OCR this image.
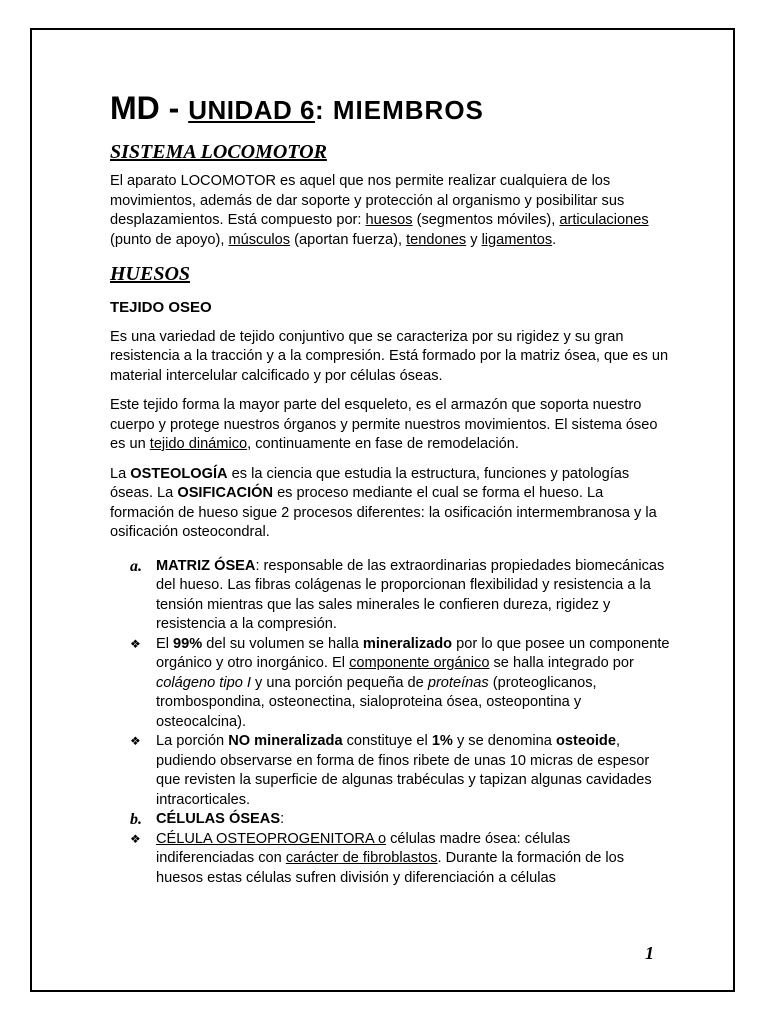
MD - UNIDAD 6: MIEMBROS
SISTEMA LOCOMOTOR

El aparato LOCOMOTOR es aquel que nos permite realizar cualquiera de los movimientos, además de dar soporte y protección al organismo y posibilitar sus desplazamientos. Está compuesto por: huesos (segmentos móviles), articulaciones (punto de apoyo), músculos (aportan fuerza), tendones y ligamentos.

HUESOS
TEJIDO OSEO

Es una variedad de tejido conjuntivo que se caracteriza por su rigidez y su gran resistencia a la tracción y a la compresión. Está formado por la matriz ósea, que es un material intercelular calcificado y por células óseas.

Este tejido forma la mayor parte del esqueleto, es el armazón que soporta nuestro cuerpo y protege nuestros órganos y permite nuestros movimientos. El sistema óseo es un tejido dinámico, continuamente en fase de remodelación.

La OSTEOLOGÍA es la ciencia que estudia la estructura, funciones y patologías óseas. La OSIFICACIÓN es proceso mediante el cual se forma el hueso. La formación de hueso sigue 2 procesos diferentes: la osificación intermembranosa y la osificación osteocondral.

a. MATRIZ ÓSEA: responsable de las extraordinarias propiedades biomecánicas del hueso. Las fibras colágenas le proporcionan flexibilidad y resistencia a la tensión mientras que las sales minerales le confieren dureza, rigidez y resistencia a la compresión.
❖	El 99% del su volumen se halla mineralizado por lo que posee un componente orgánico y otro inorgánico. El componente orgánico se halla integrado por colágeno tipo I y una porción pequeña de proteínas (proteoglicanos, trombospondina, osteonectina, sialoproteina ósea, osteopontina y osteocalcina).
❖	La porción NO mineralizada constituye el 1% y se denomina osteoide, pudiendo observarse en forma de finos ribete de unas 10 micras de espesor que revisten la superficie de algunas trabéculas y tapizan algunas cavidades intracorticales.
b. CÉLULAS ÓSEAS:
❖	CÉLULA OSTEOPROGENITORA o células madre ósea: células indiferenciadas con carácter de fibroblastos. Durante la formación de los huesos estas células sufren división y diferenciación a células
1
